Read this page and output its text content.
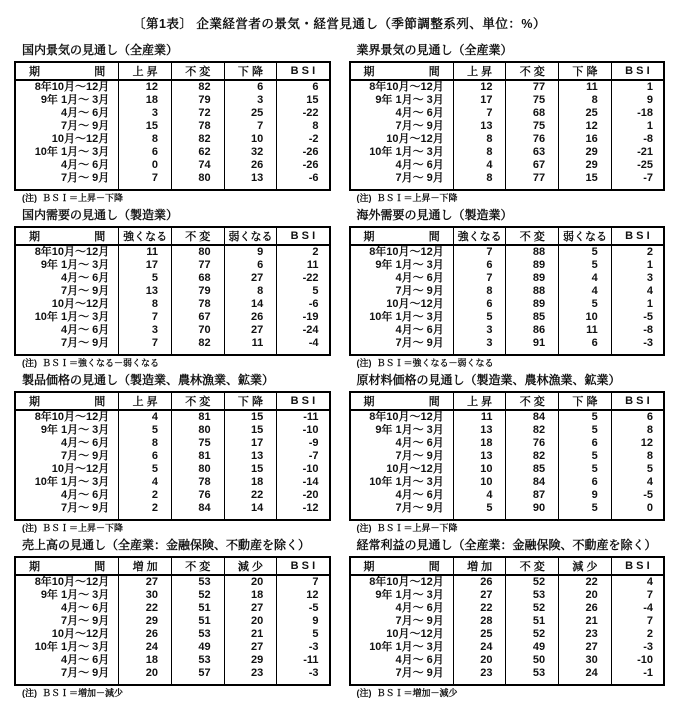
〔第1表〕 企業経営者の景気・経営見通し（季節調整系列、単位：%）
国内景気の見通し（全産業）
期 間	上 昇	不 変	下 降	B S I
8年10月～12月	12	82	6	6
9年 1月～ 3月	18	79	3	15
4月～ 6月	3	72	25	-22
7月～ 9月	15	78	7	8
10月～12月	8	82	10	-2
10年 1月～ 3月	6	62	32	-26
4月～ 6月	0	74	26	-26
7月～ 9月	7	80	13	-6
(注)  ＢＳＩ＝上昇－下降
業界景気の見通し（全産業）
期 間	上 昇	不 変	下 降	B S I
8年10月～12月	12	77	11	1
9年 1月～ 3月	17	75	8	9
4月～ 6月	7	68	25	-18
7月～ 9月	13	75	12	1
10月～12月	8	76	16	-8
10年 1月～ 3月	8	63	29	-21
4月～ 6月	4	67	29	-25
7月～ 9月	8	77	15	-7
(注)  ＢＳＩ＝上昇－下降
国内需要の見通し（製造業）
期 間	強くなる	不 変	弱くなる	B S I
8年10月～12月	11	80	9	2
9年 1月～ 3月	17	77	6	11
4月～ 6月	5	68	27	-22
7月～ 9月	13	79	8	5
10月～12月	8	78	14	-6
10年 1月～ 3月	7	67	26	-19
4月～ 6月	3	70	27	-24
7月～ 9月	7	82	11	-4
(注)  ＢＳＩ＝強くなる－弱くなる
海外需要の見通し（製造業）
期 間	強くなる	不 変	弱くなる	B S I
8年10月～12月	7	88	5	2
9年 1月～ 3月	6	89	5	1
4月～ 6月	7	89	4	3
7月～ 9月	8	88	4	4
10月～12月	6	89	5	1
10年 1月～ 3月	5	85	10	-5
4月～ 6月	3	86	11	-8
7月～ 9月	3	91	6	-3
(注)  ＢＳＩ＝強くなる－弱くなる
製品価格の見通し（製造業、農林漁業、鉱業）
期 間	上 昇	不 変	下 降	B S I
8年10月～12月	4	81	15	-11
9年 1月～ 3月	5	80	15	-10
4月～ 6月	8	75	17	-9
7月～ 9月	6	81	13	-7
10月～12月	5	80	15	-10
10年 1月～ 3月	4	78	18	-14
4月～ 6月	2	76	22	-20
7月～ 9月	2	84	14	-12
(注)  ＢＳＩ＝上昇－下降
原材料価格の見通し（製造業、農林漁業、鉱業）
期 間	上 昇	不 変	下 降	B S I
8年10月～12月	11	84	5	6
9年 1月～ 3月	13	82	5	8
4月～ 6月	18	76	6	12
7月～ 9月	13	82	5	8
10月～12月	10	85	5	5
10年 1月～ 3月	10	84	6	4
4月～ 6月	4	87	9	-5
7月～ 9月	5	90	5	0
(注)  ＢＳＩ＝上昇－下降
売上高の見通し（全産業：金融保険、不動産を除く）
期 間	増 加	不 変	減 少	B S I
8年10月～12月	27	53	20	7
9年 1月～ 3月	30	52	18	12
4月～ 6月	22	51	27	-5
7月～ 9月	29	51	20	9
10月～12月	26	53	21	5
10年 1月～ 3月	24	49	27	-3
4月～ 6月	18	53	29	-11
7月～ 9月	20	57	23	-3
(注)  ＢＳＩ＝増加－減少
経常利益の見通し（全産業：金融保険、不動産を除く）
期 間	増 加	不 変	減 少	B S I
8年10月～12月	26	52	22	4
9年 1月～ 3月	27	53	20	7
4月～ 6月	22	52	26	-4
7月～ 9月	28	51	21	7
10月～12月	25	52	23	2
10年 1月～ 3月	24	49	27	-3
4月～ 6月	20	50	30	-10
7月～ 9月	23	53	24	-1
(注)  ＢＳＩ＝増加－減少
